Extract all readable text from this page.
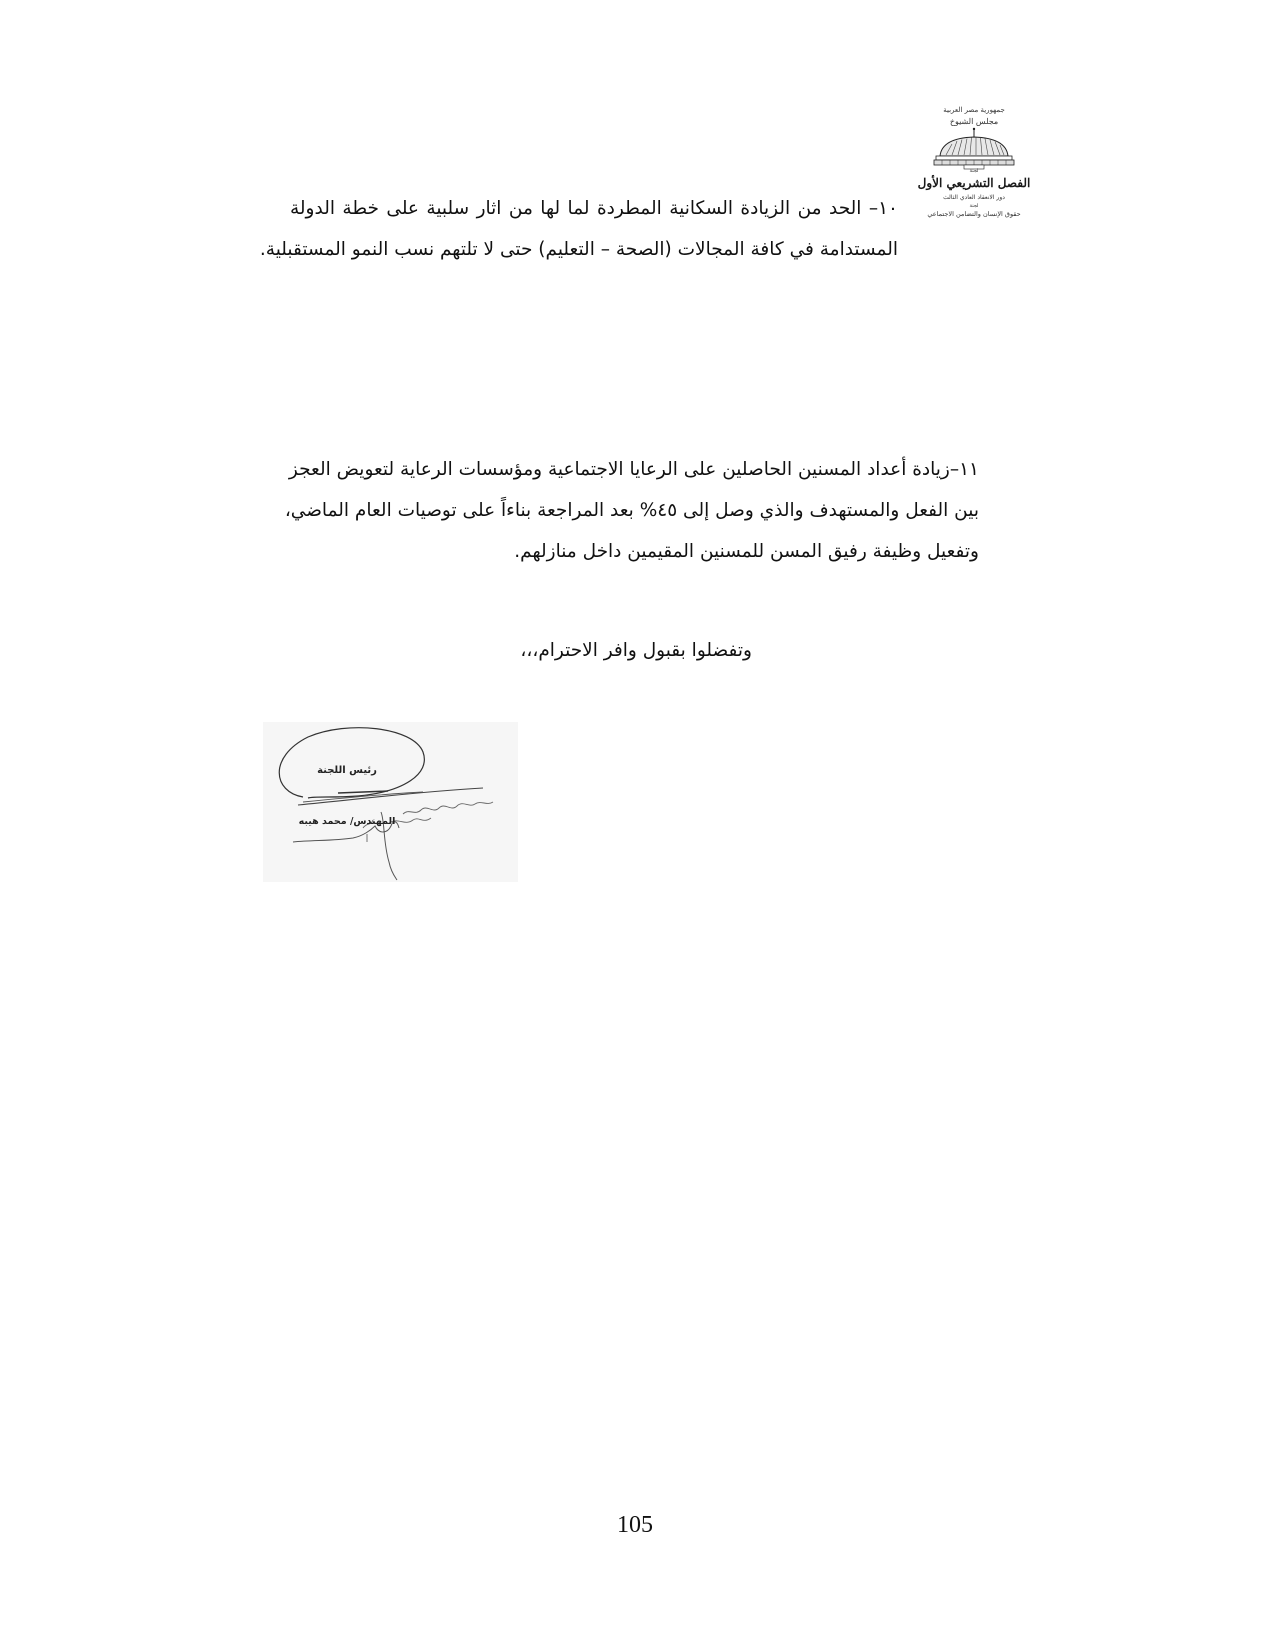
جمهورية مصر العربية
مجلس الشيوخ
لجنة
الفصل التشريعي الأول
دور الانعقاد العادي الثالث
لجنة
حقوق الإنسان والتضامن الاجتماعي
١٠– الحد من الزيادة السكانية المطردة لما لها من اثار سلبية على خطة الدولة
المستدامة في كافة المجالات (الصحة – التعليم) حتى لا تلتهم نسب النمو المستقبلية.
١١–زيادة أعداد المسنين الحاصلين على الرعايا الاجتماعية ومؤسسات الرعاية لتعويض العجز
بين الفعل والمستهدف والذي وصل إلى ٤٥% بعد المراجعة بناءاً على توصيات العام الماضي،
وتفعيل وظيفة رفيق المسن للمسنين المقيمين داخل منازلهم.
وتفضلوا بقبول وافر الاحترام،،،
رئيس اللجنة
المهندس/ محمد هيبه
105
